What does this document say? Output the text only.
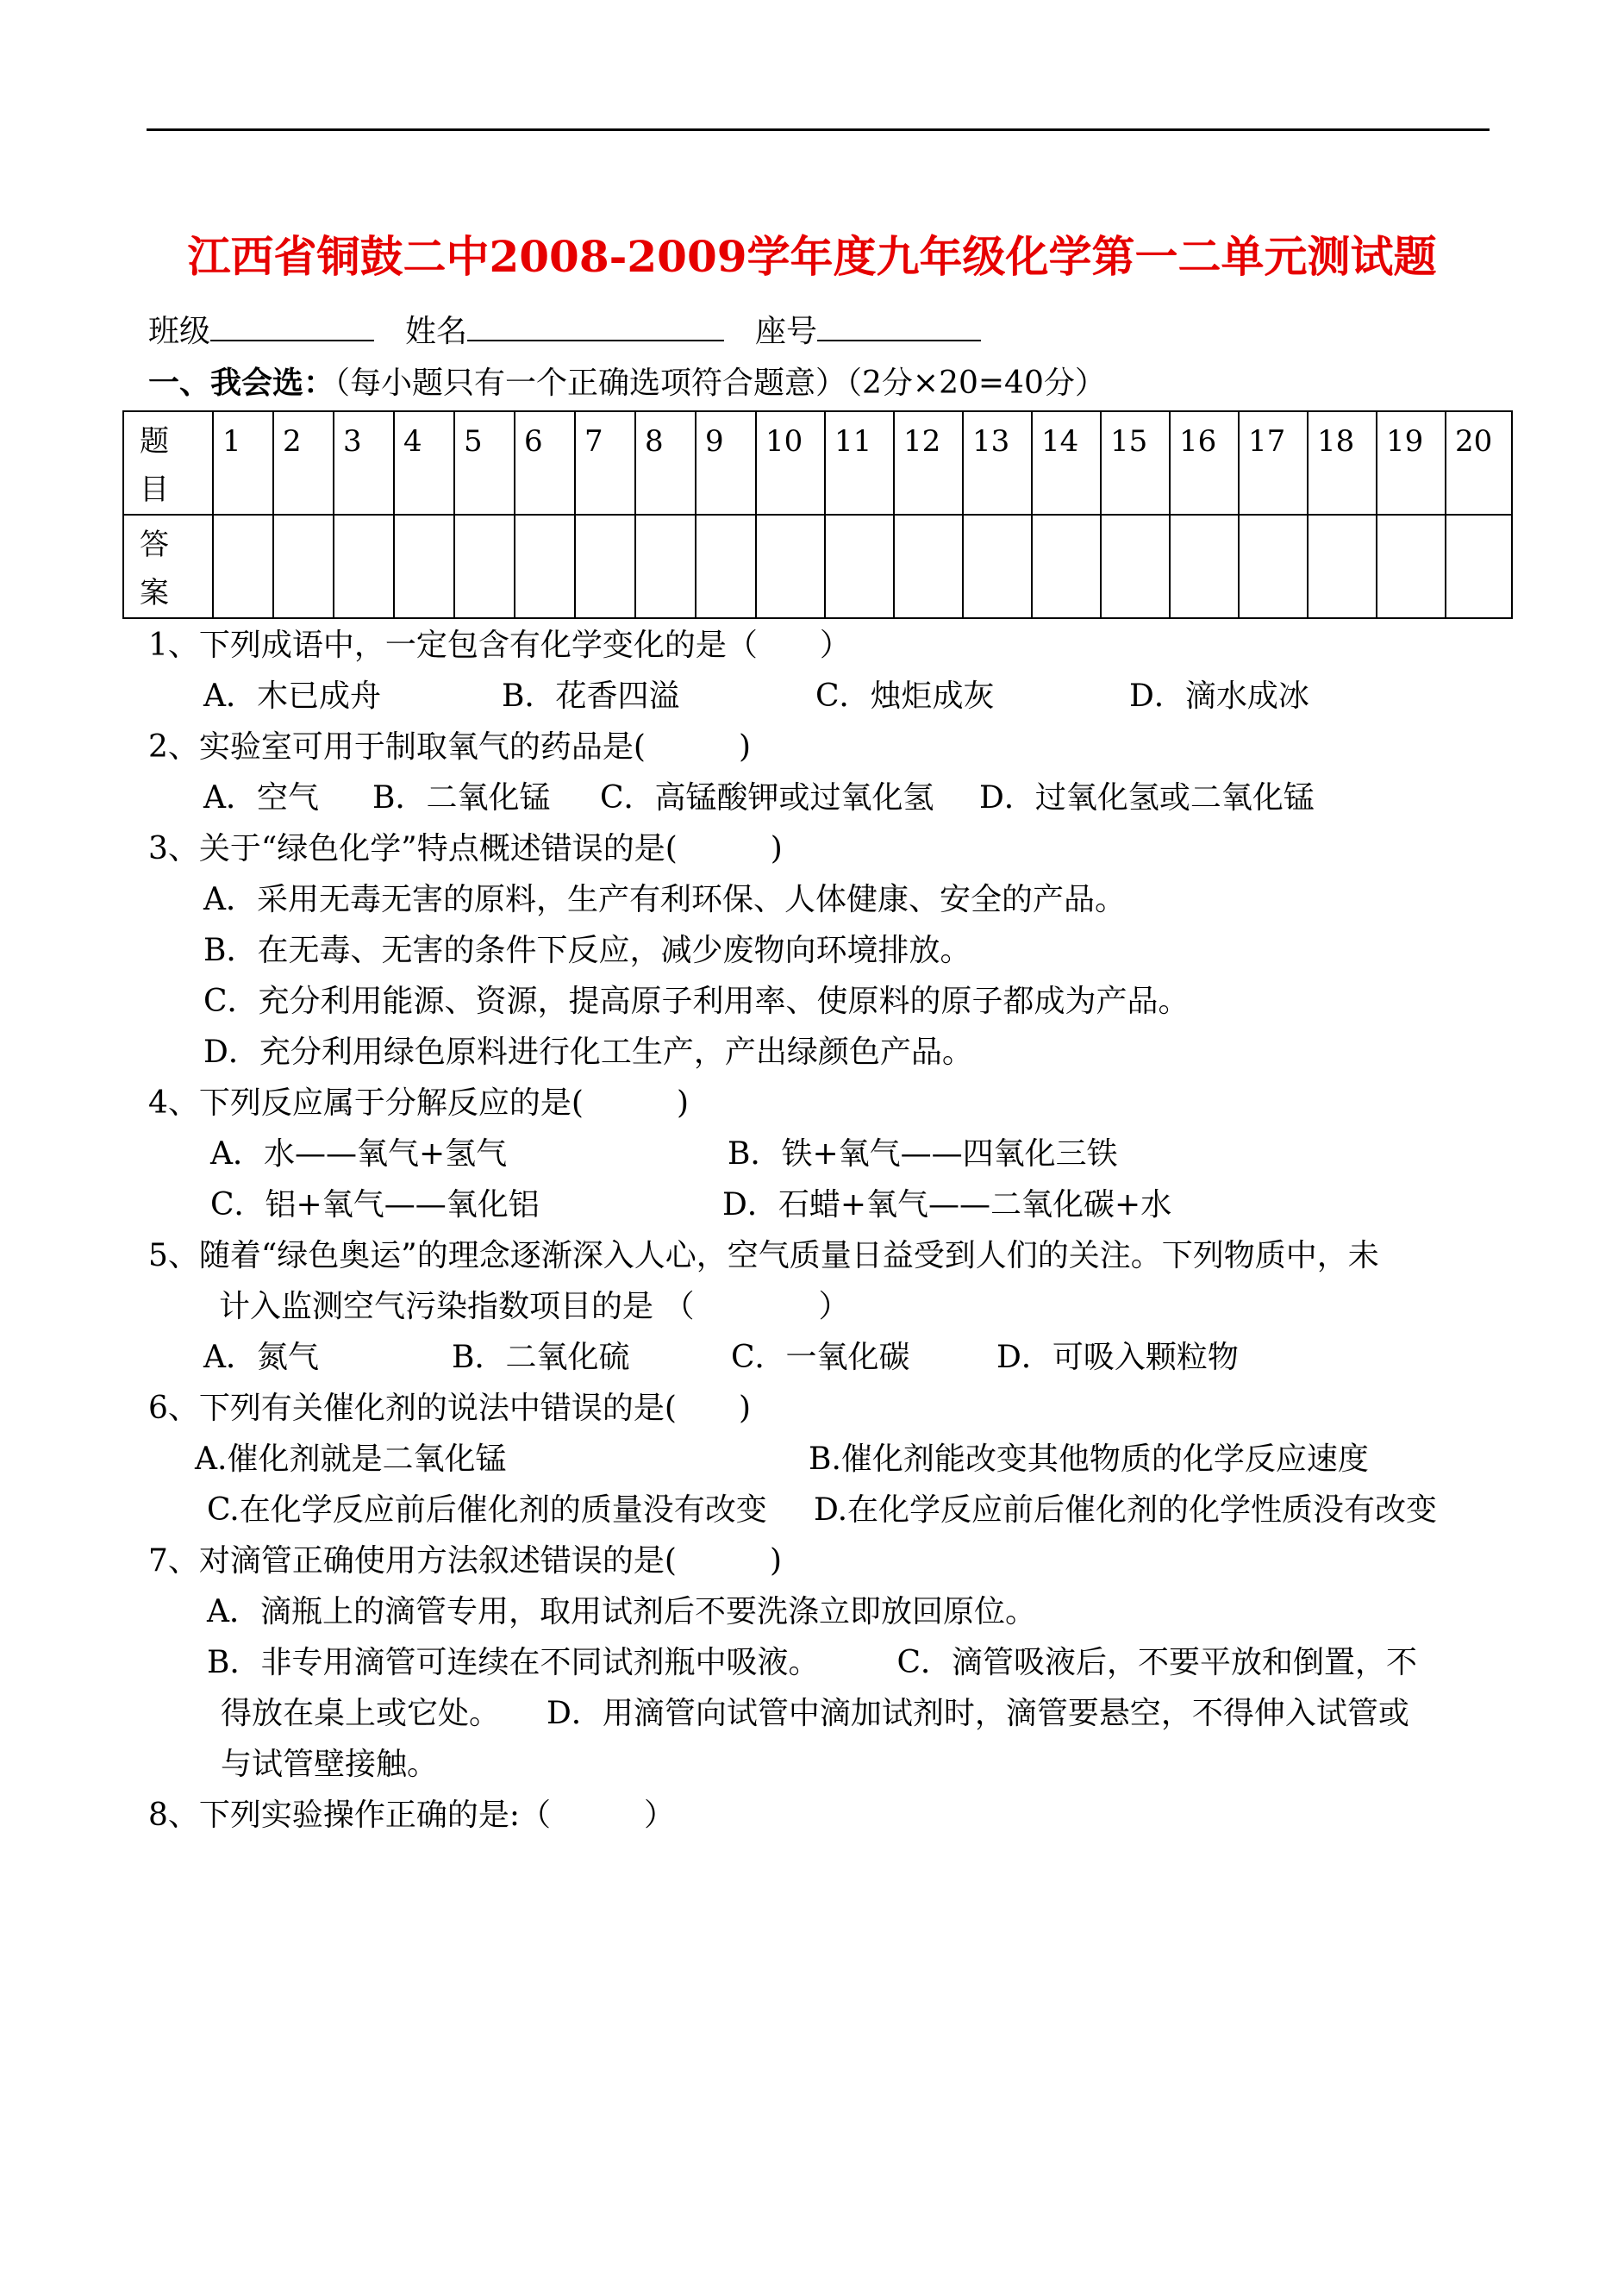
江西省铜鼓二中2008-2009学年度九年级化学第一二单元测试题
班级	姓名	座号
一、我会选：（每小题只有一个正确选项符合题意）（2分×20=40分）
题
目	1	2	3	4	5	6	7	8	9	10	11	12	13	14	15	16	17	18	19	20
答
案																				
1、下列成语中，一定包含有化学变化的是（　　）
A．木已成舟	B．花香四溢	C．烛炬成灰	D．滴水成冰
2、实验室可用于制取氧气的药品是(　　　)
A．空气 B．二氧化锰 C．高锰酸钾或过氧化氢 D．过氧化氢或二氧化锰
3、关于“绿色化学”特点概述错误的是(　　　)
A．采用无毒无害的原料，生产有利环保、人体健康、安全的产品。
B．在无毒、无害的条件下反应，减少废物向环境排放。
C．充分利用能源、资源，提高原子利用率、使原料的原子都成为产品。
D．充分利用绿色原料进行化工生产，产出绿颜色产品。
4、下列反应属于分解反应的是(　　　)
A．水——氧气+氢气	B．铁+氧气——四氧化三铁
C．铝+氧气——氧化铝	D．石蜡+氧气——二氧化碳+水
5、随着“绿色奥运”的理念逐渐深入人心，空气质量日益受到人们的关注。下列物质中，未
计入监测空气污染指数项目的是 （　　　　）
A．氮气	B．二氧化硫	C．一氧化碳	D．可吸入颗粒物
6、下列有关催化剂的说法中错误的是(　　)
A.催化剂就是二氧化锰	B.催化剂能改变其他物质的化学反应速度
C.在化学反应前后催化剂的质量没有改变 D.在化学反应前后催化剂的化学性质没有改变
7、对滴管正确使用方法叙述错误的是(　　　)
A．滴瓶上的滴管专用，取用试剂后不要洗涤立即放回原位。
B．非专用滴管可连续在不同试剂瓶中吸液。　　　C．滴管吸液后，不要平放和倒置，不
得放在桌上或它处。　　D．用滴管向试管中滴加试剂时，滴管要悬空，不得伸入试管或
与试管壁接触。
8、下列实验操作正确的是:（　　　）
